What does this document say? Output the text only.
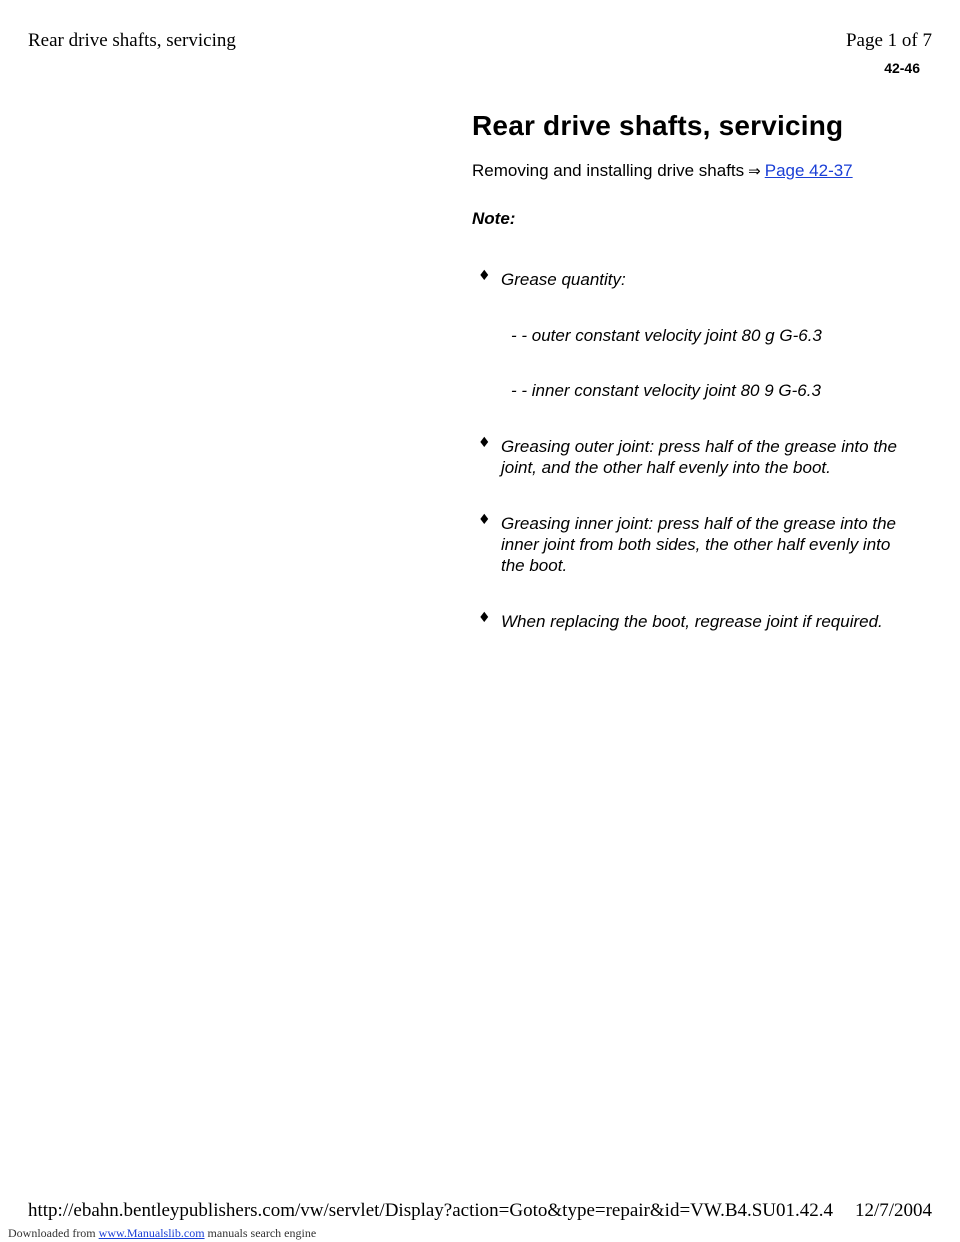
Rear drive shafts, servicing	Page 1 of 7
42-46
Rear drive shafts, servicing

Removing and installing drive shafts ⇒ Page 42-37

Note:

♦ Grease quantity:
- - outer constant velocity joint 80 g G-6.3
- - inner constant velocity joint 80 9 G-6.3
♦ Greasing outer joint: press half of the grease into the joint, and the other half evenly into the boot.
♦ Greasing inner joint: press half of the grease into the inner joint from both sides, the other half evenly into the boot.
♦ When replacing the boot, regrease joint if required.
http://ebahn.bentleypublishers.com/vw/servlet/Display?action=Goto&type=repair&id=VW.B4.SU01.42.4 12/7/2004
Downloaded from www.Manualslib.com manuals search engine
